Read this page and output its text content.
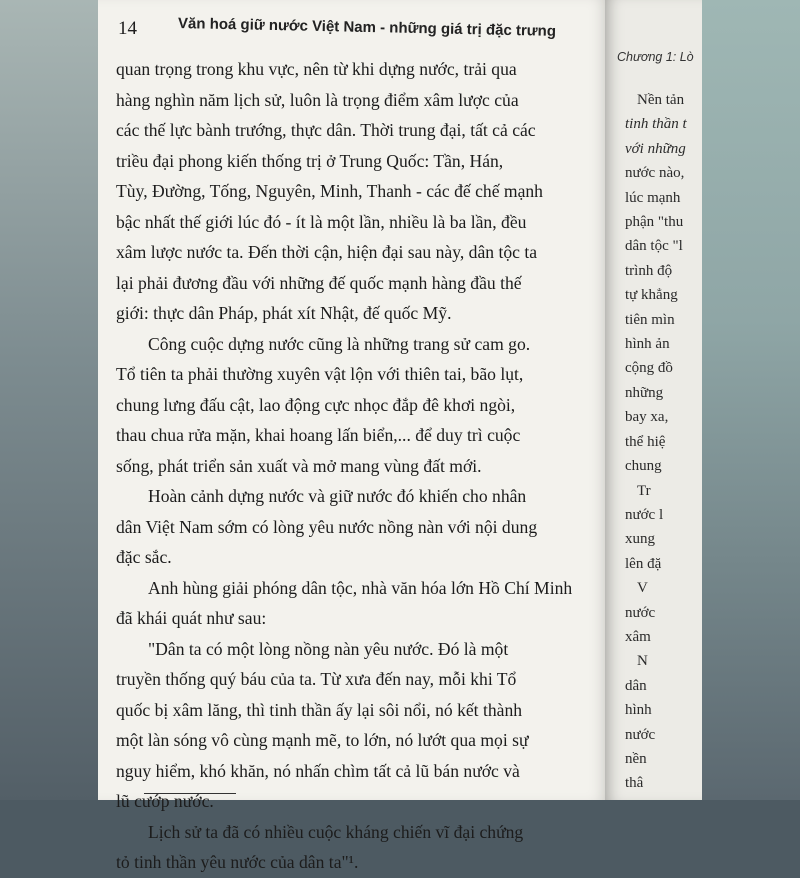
14	Văn hoá giữ nước Việt Nam - những giá trị đặc trưng
quan trọng trong khu vực, nên từ khi dựng nước, trải qua
hàng nghìn năm lịch sử, luôn là trọng điểm xâm lược của
các thế lực bành trướng, thực dân. Thời trung đại, tất cả các
triều đại phong kiến thống trị ở Trung Quốc: Tần, Hán,
Tùy, Đường, Tống, Nguyên, Minh, Thanh - các đế chế mạnh
bậc nhất thế giới lúc đó - ít là một lần, nhiều là ba lần, đều
xâm lược nước ta. Đến thời cận, hiện đại sau này, dân tộc ta
lại phải đương đầu với những đế quốc mạnh hàng đầu thế
giới: thực dân Pháp, phát xít Nhật, đế quốc Mỹ.
Công cuộc dựng nước cũng là những trang sử cam go.
Tổ tiên ta phải thường xuyên vật lộn với thiên tai, bão lụt,
chung lưng đấu cật, lao động cực nhọc đắp đê khơi ngòi,
thau chua rửa mặn, khai hoang lấn biển,... để duy trì cuộc
sống, phát triển sản xuất và mở mang vùng đất mới.
Hoàn cảnh dựng nước và giữ nước đó khiến cho nhân
dân Việt Nam sớm có lòng yêu nước nồng nàn với nội dung
đặc sắc.
Anh hùng giải phóng dân tộc, nhà văn hóa lớn Hồ Chí Minh
đã khái quát như sau:
"Dân ta có một lòng nồng nàn yêu nước. Đó là một
truyền thống quý báu của ta. Từ xưa đến nay, mỗi khi Tổ
quốc bị xâm lăng, thì tinh thần ấy lại sôi nổi, nó kết thành
một làn sóng vô cùng mạnh mẽ, to lớn, nó lướt qua mọi sự
nguy hiểm, khó khăn, nó nhấn chìm tất cả lũ bán nước và
lũ cướp nước.
Lịch sử ta đã có nhiều cuộc kháng chiến vĩ đại chứng
tỏ tinh thần yêu nước của dân ta"¹.
Chương 1: Lò
Nền tản
tinh thần t
với những
nước nào,
lúc mạnh
phận "thu
dân tộc "l
trình độ
tự khẳng
tiên mìn
hình ản
cộng đồ
những
bay xa,
thể hiệ
chung
Tr
nước l
xung
lên đặ
V
nước
xâm
N
dân
hình
nước
nền
thâ
